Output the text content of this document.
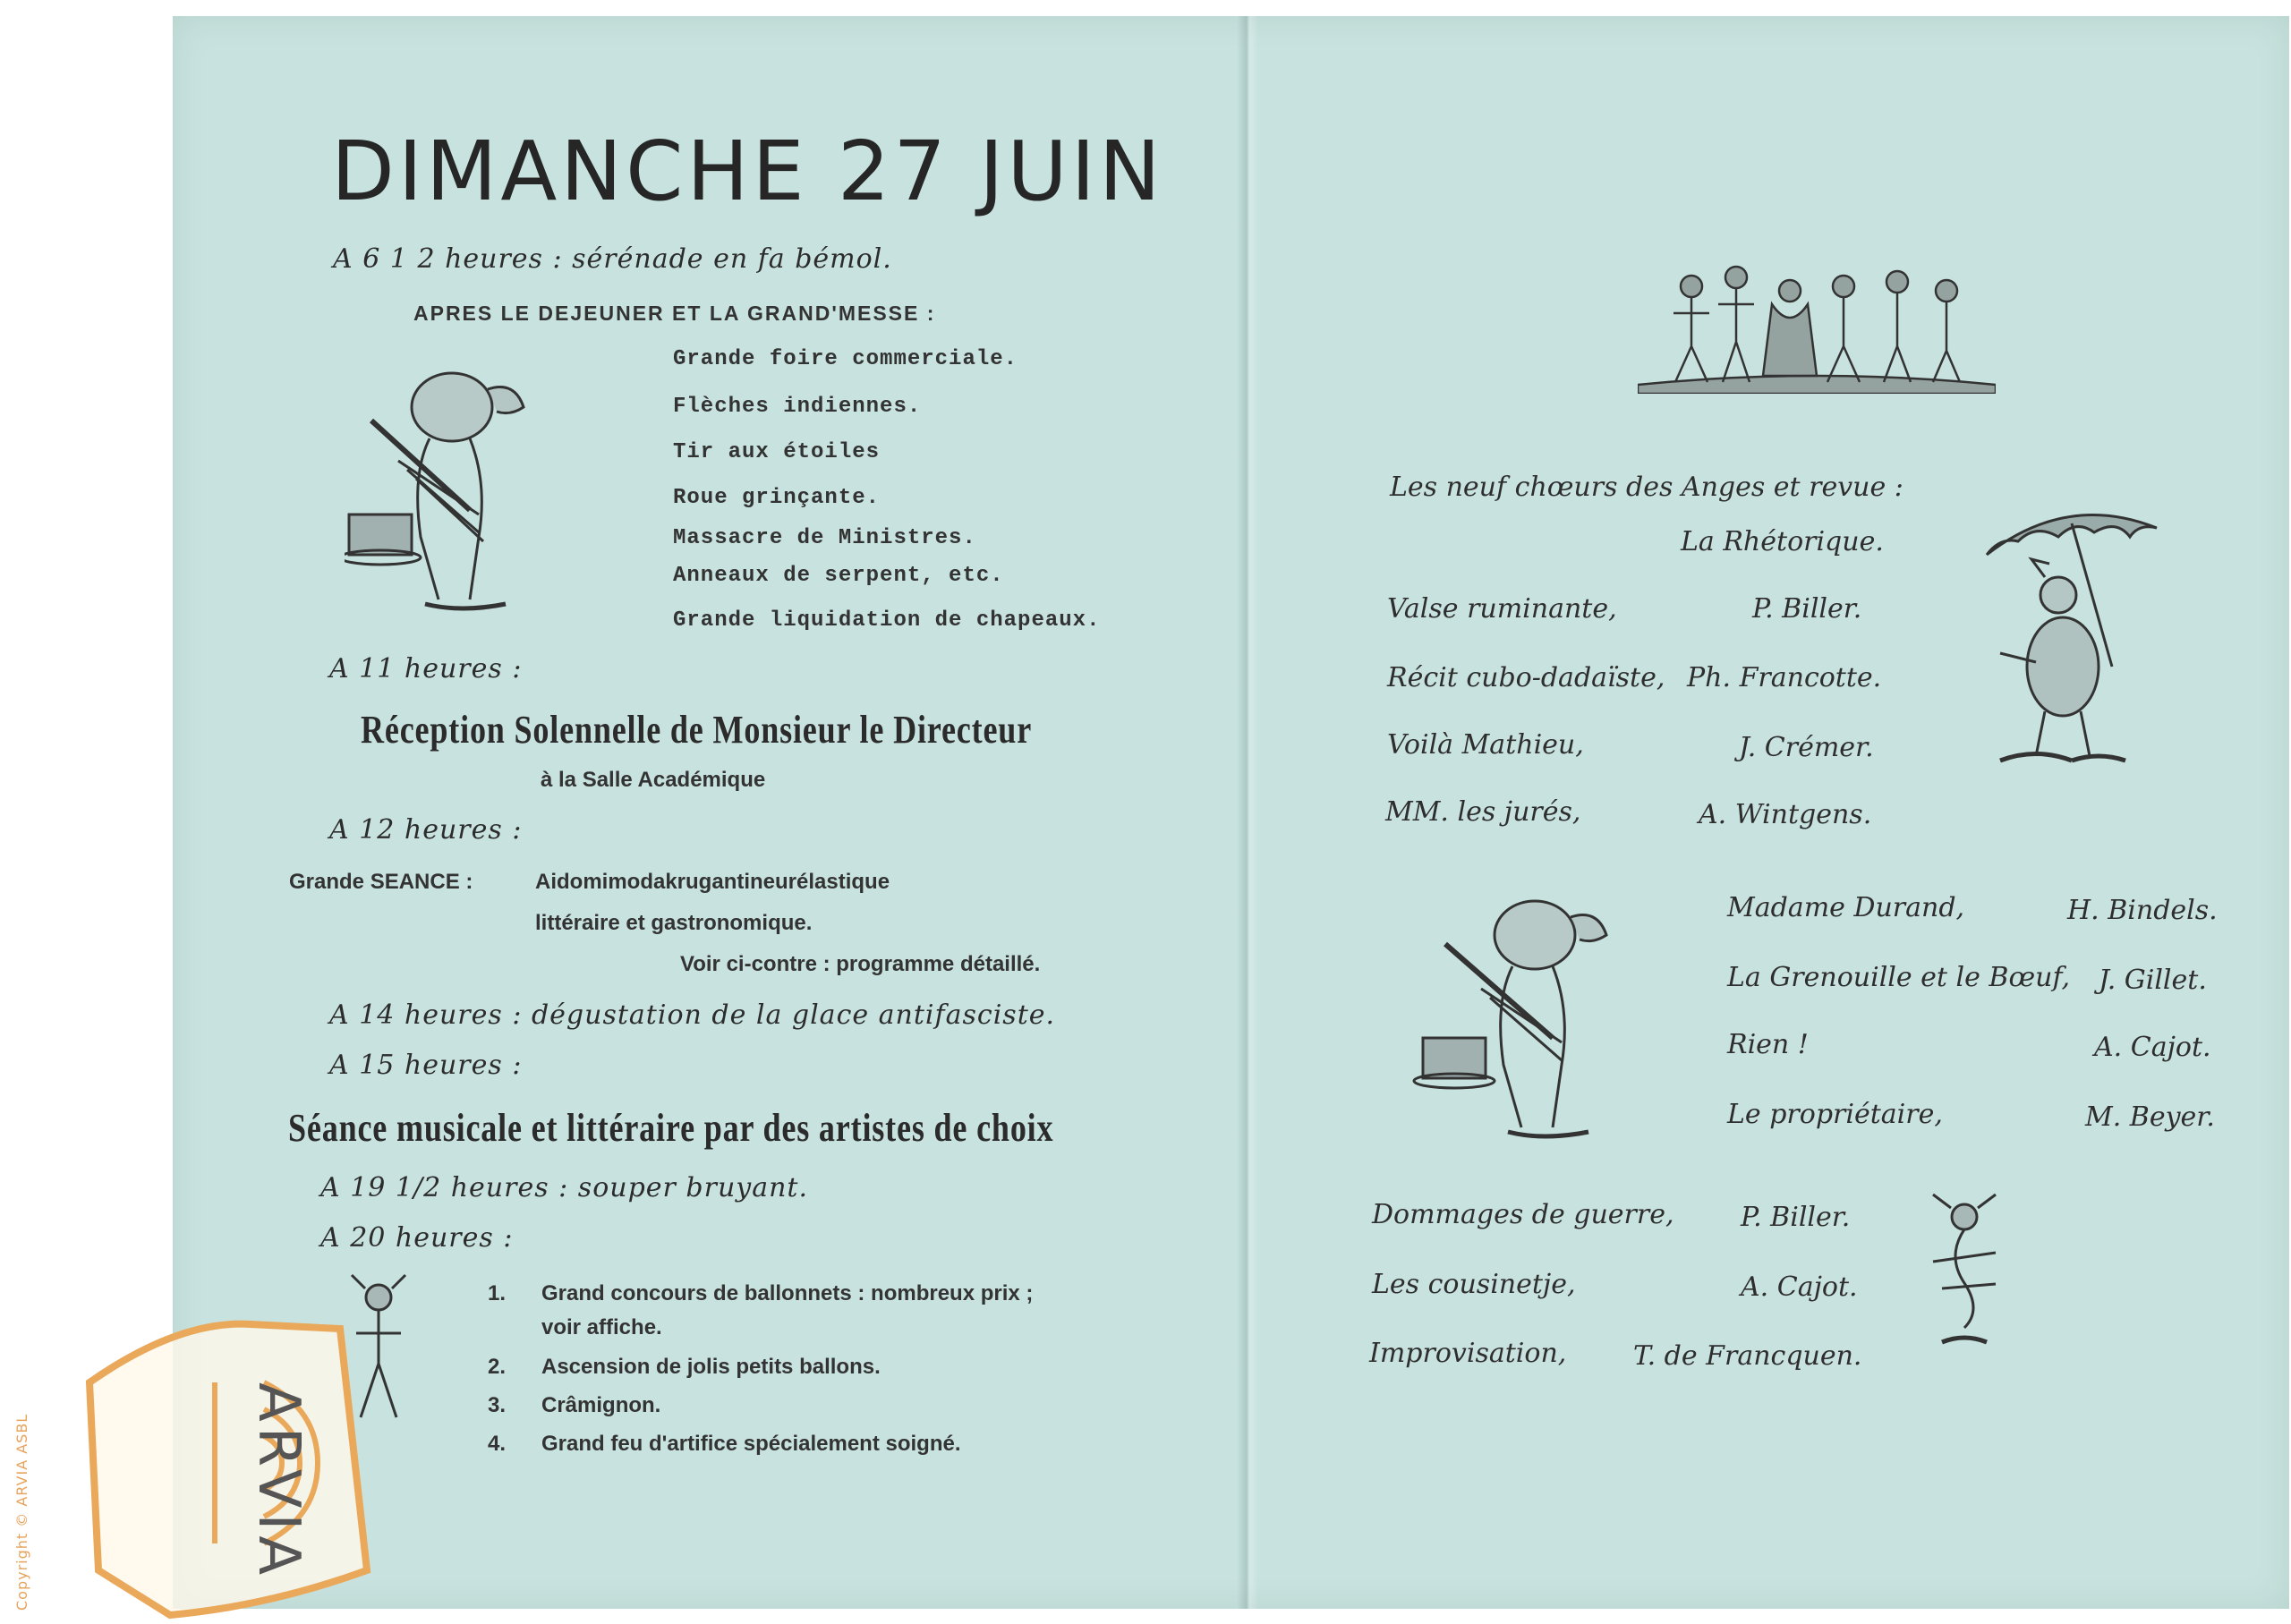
DIMANCHE 27 JUIN
A 6 1 2 heures : sérénade en fa bémol.
APRES LE DEJEUNER ET LA GRAND'MESSE :
Grande foire commerciale.
Flèches indiennes.
Tir aux étoiles
Roue grinçante.
Massacre de Ministres.
Anneaux de serpent, etc.
Grande liquidation de chapeaux.
A 11 heures :
Réception Solennelle de Monsieur le Directeur
à la Salle Académique
A 12 heures :
Grande SEANCE :	Aidomimodakrugantineurélastique
littéraire et gastronomique.
Voir ci-contre : programme détaillé.
A 14 heures : dégustation de la glace antifasciste.
A 15 heures :
Séance musicale et littéraire par des artistes de choix
A 19 1/2 heures : souper bruyant.
A 20 heures :
1. Grand concours de ballonnets : nombreux prix ;
voir affiche.
2. Ascension de jolis petits ballons.
3. Crâmignon.
4. Grand feu d'artifice spécialement soigné.
Les neuf chœurs des Anges et revue :
La Rhétorique.
Valse ruminante,	P. Biller.
Récit cubo-dadaïste, Ph. Francotte.
Voilà Mathieu,	J. Crémer.
MM. les jurés,	A. Wintgens.
Madame Durand,	H. Bindels.
La Grenouille et le Bœuf, J. Gillet.
Rien !	A. Cajot.
Le propriétaire,	M. Beyer.
Dommages de guerre, P. Biller.
Les cousinetje,	A. Cajot.
Improvisation, T. de Francquen.
ARVIA
Copyright © ARVIA ASBL
